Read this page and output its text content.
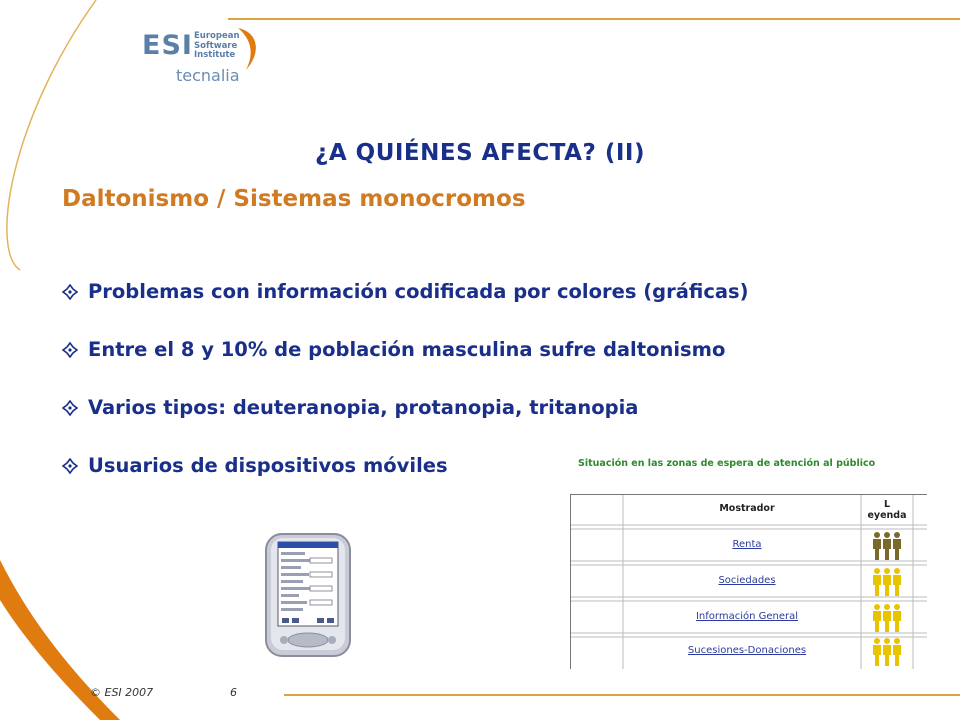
ESI European
Software
Institute
tecnalia
¿A QUIÉNES AFECTA? (II)
Daltonismo / Sistemas monocromos
Problemas con información codificada por colores (gráficas)
Entre el 8 y 10% de población masculina sufre daltonismo
Varios tipos: deuteranopia, protanopia, tritanopia
Usuarios de dispositivos móviles	Situación en las zonas de espera de atención al público
Mostrador	L
eyenda
Renta
Sociedades
Información General
Sucesiones-Donaciones
© ESI 2007	6
